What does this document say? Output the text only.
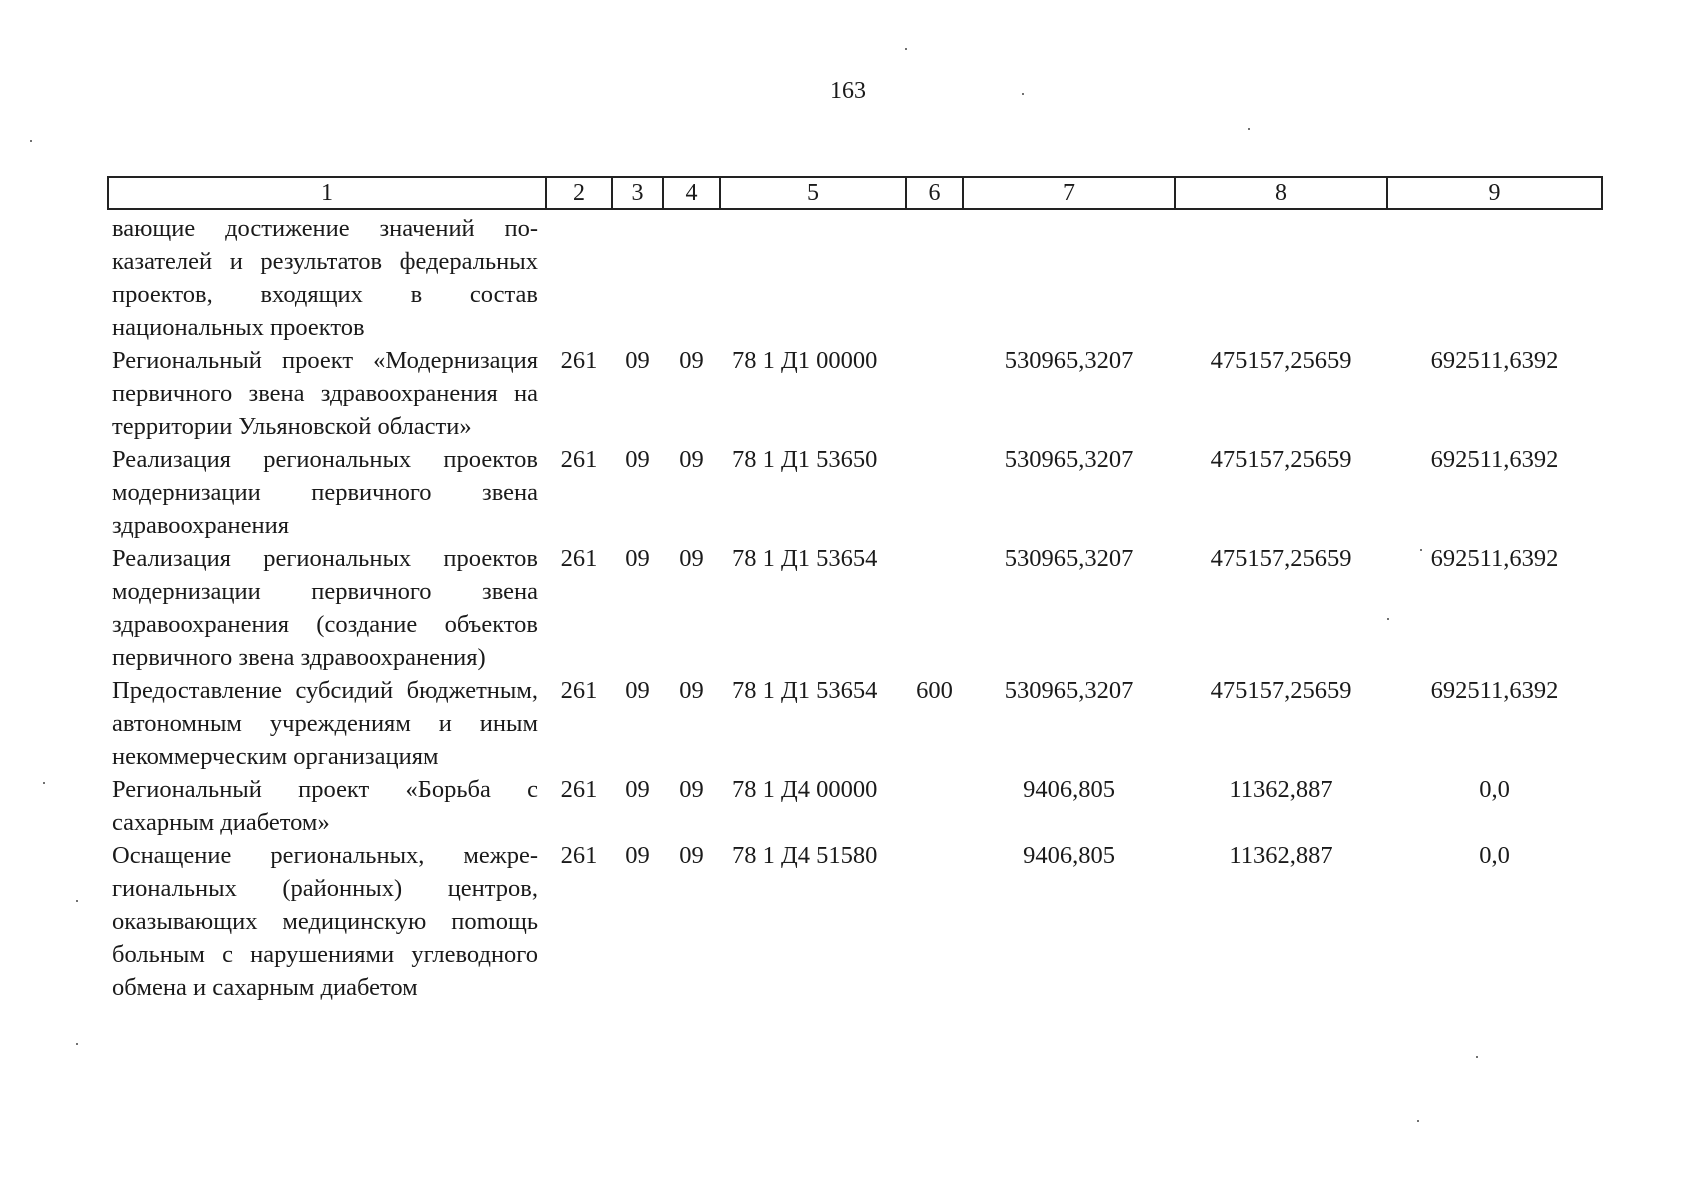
163
1	2	3	4	5	6	7	8	9
вающие достижение значений показателей и результатов федеральных проектов, входящих в состав национальных проектов								
Региональный проект «Модернизация первичного звена здравоохранения на территории Ульяновской области»	261	09	09	78 1 Д1 00000		530965,3207	475157,25659	692511,6392
Реализация региональных проектов модернизации первичного звена здравоохранения	261	09	09	78 1 Д1 53650		530965,3207	475157,25659	692511,6392
Реализация региональных проектов модернизации первичного звена здравоохранения (создание объектов первичного звена здравоохранения)	261	09	09	78 1 Д1 53654		530965,3207	475157,25659	692511,6392
Предоставление субсидий бюджетным, автономным учреждениям и иным некоммерческим организациям	261	09	09	78 1 Д1 53654	600	530965,3207	475157,25659	692511,6392
Региональный проект «Борьба с сахарным диабетом»	261	09	09	78 1 Д4 00000		9406,805	11362,887	0,0
Оснащение региональных, межрегиональных (районных) центров, оказывающих медицинскую поmощь больным с нарушениями углеводного обмена и сахарным диабетом	261	09	09	78 1 Д4 51580		9406,805	11362,887	0,0
